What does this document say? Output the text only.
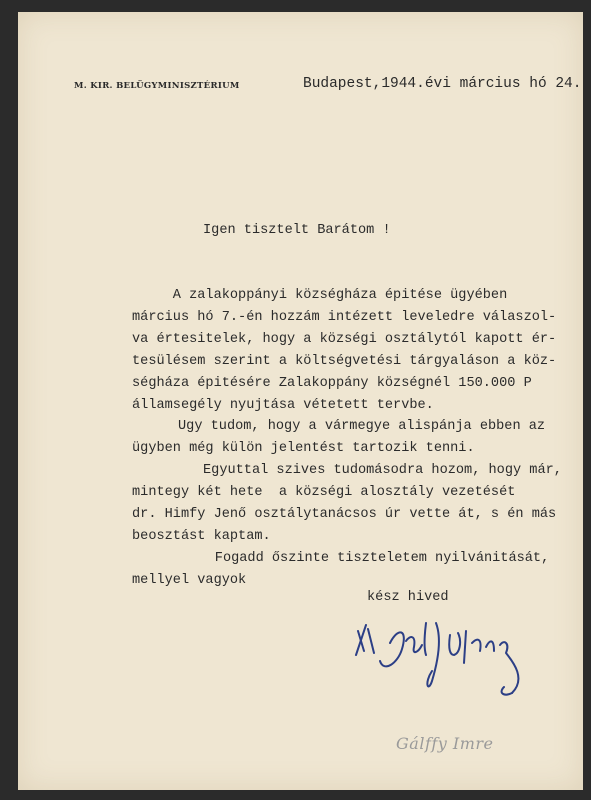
M. KIR. BELÜGYMINISZTÉRIUM	Budapest,1944.évi március hó 24.
Igen tisztelt Barátom !
A zalakoppányi községháza épitése ügyében
március hó 7.-én hozzám intézett leveledre válaszol-
va értesitelek, hogy a községi osztálytól kapott ér-
tesülésem szerint a költségvetési tárgyaláson a köz-
ségháza épitésére Zalakoppány községnél 150.000 P
államsegély nyujtása vétetett tervbe.
Ugy tudom, hogy a vármegye alispánja ebben az
ügyben még külön jelentést tartozik tenni.
Egyuttal szives tudomásodra hozom, hogy már,
mintegy két hete  a községi alosztály vezetését
dr. Himfy Jenő osztálytanácsos úr vette át, s én más
beosztást kaptam.
Fogadd őszinte tiszteletem nyilvánitását,
mellyel vagyok
kész hived
Gálffy Imre
